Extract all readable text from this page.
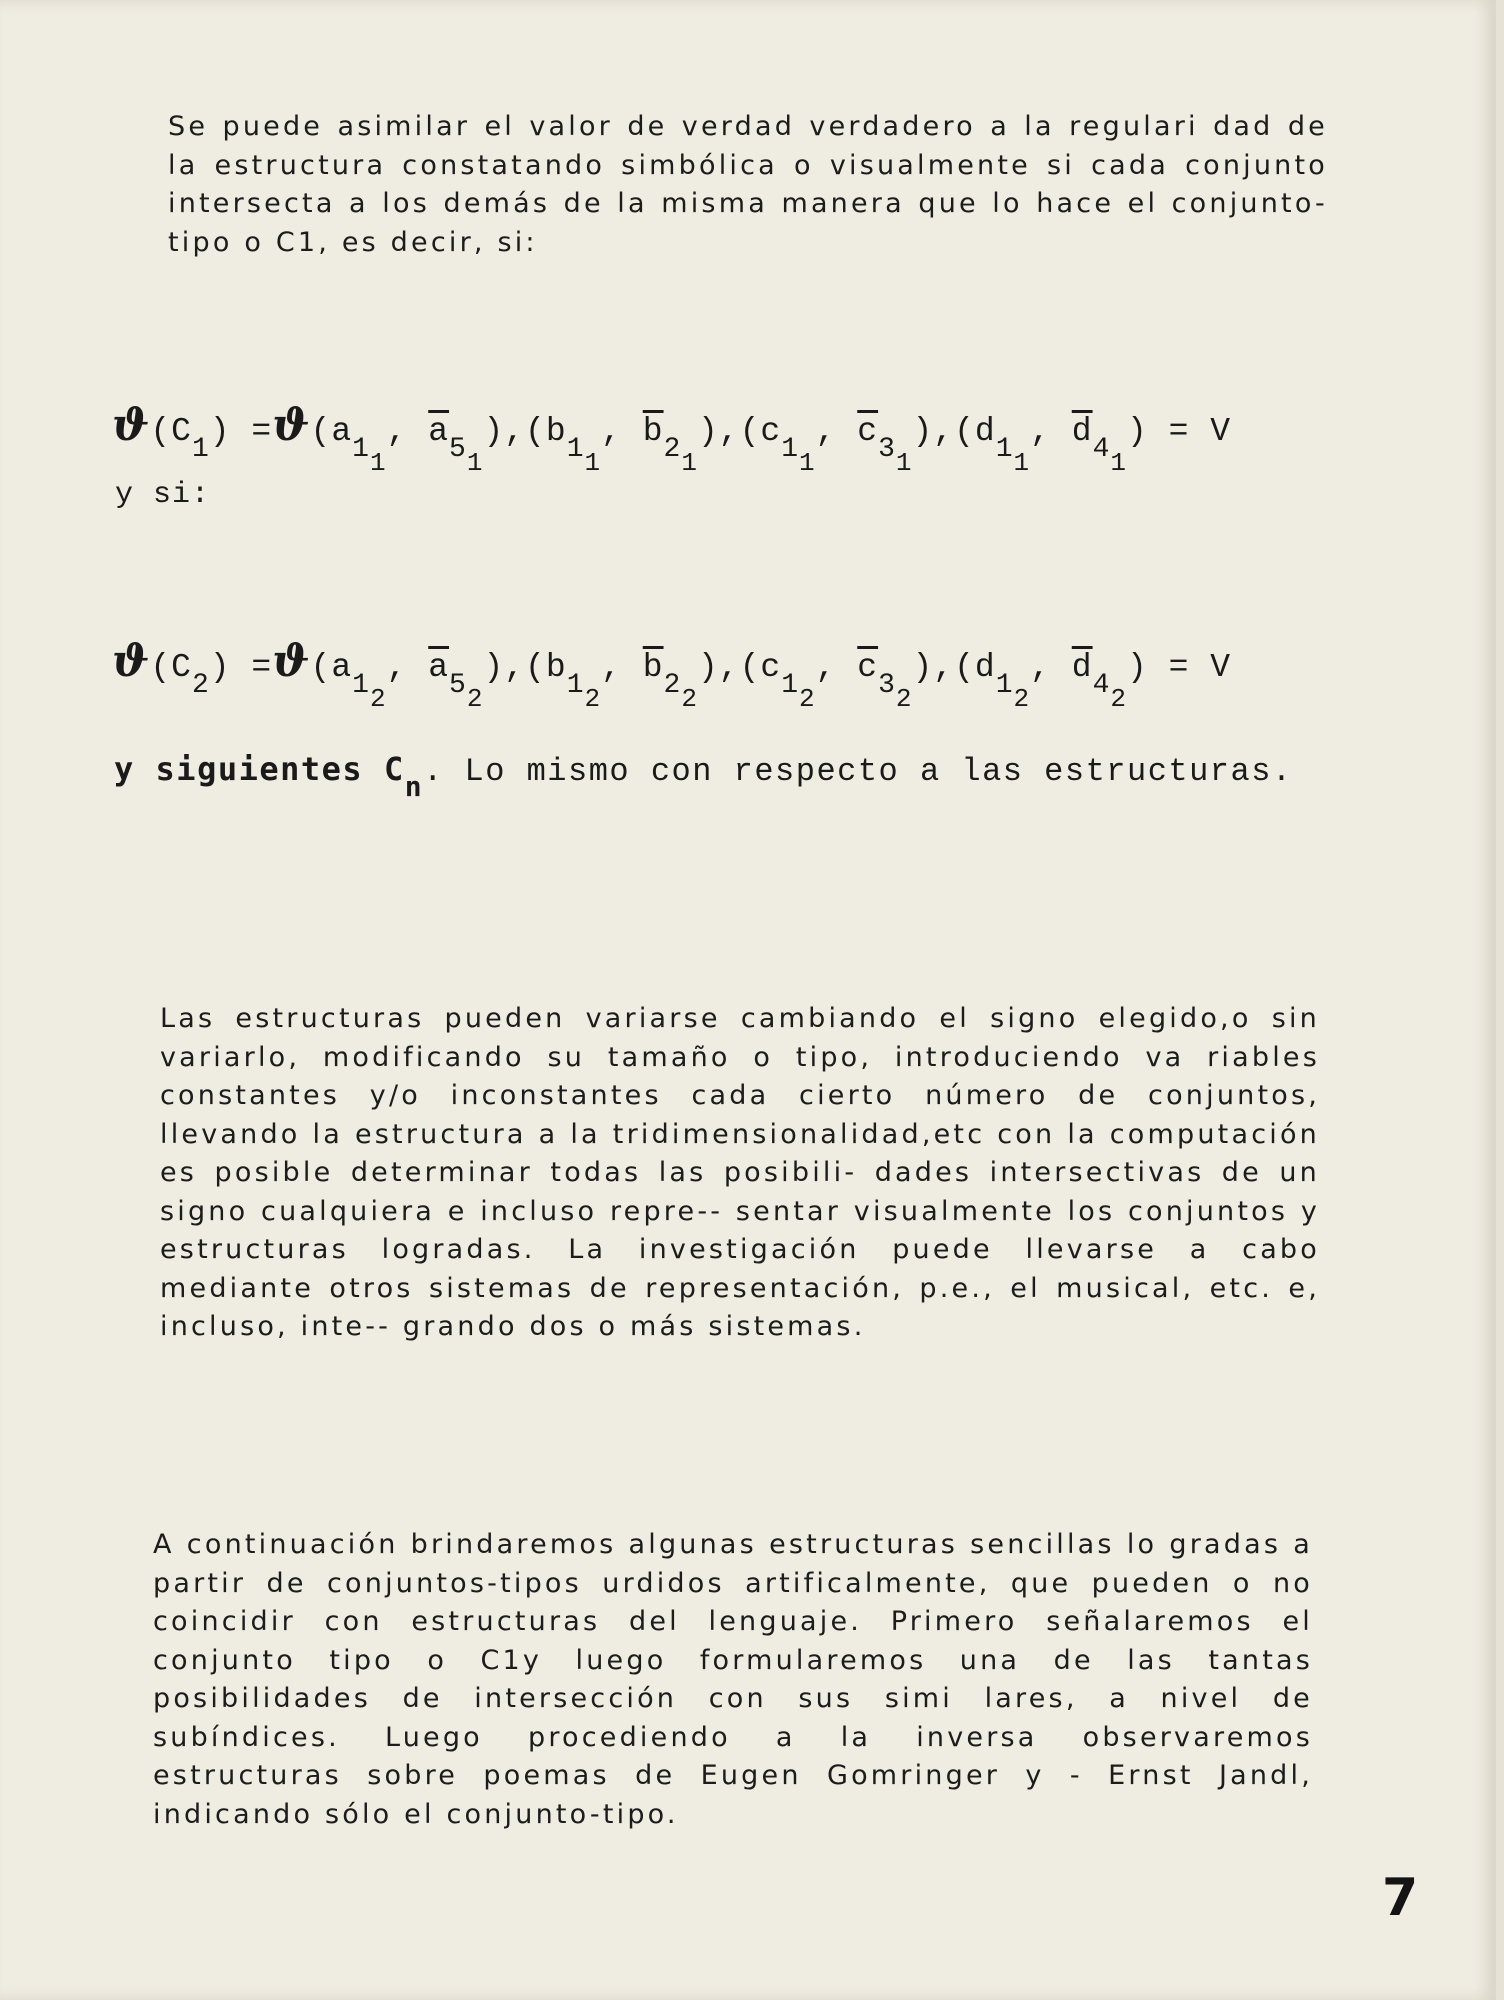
Se puede asimilar el valor de verdad verdadero a la regulari dad de la estructura constatando simbólica o visualmente si cada conjunto intersecta a los demás de la misma manera que lo hace el conjunto-tipo o C1, es decir, si:

$ϑ(C_1) =ϑ(a_{1_1}$, $\overline{a}_{5_1}),(b_{1_1}$, $\overline{b}_{2_1}),(c_{1_1}$, $\overline{c}_{3_1}),(d_{1_1}$, $\overline{d}_{4_1}) = V$
y si:
$ϑ(C_2) =ϑ(a_{1_2}$, $\overline{a}_{5_2}),(b_{1_2}$, $\overline{b}_{2_2}),(c_{1_2}$, $\overline{c}_{3_2}),(d_{1_2}$, $\overline{d}_{4_2}) = V$
y siguientes $C_n$. Lo mismo con respecto a las estructuras.

Las estructuras pueden variarse cambiando el signo elegido,o sin variarlo, modificando su tamaño o tipo, introduciendo va riables constantes y/o inconstantes cada cierto número de conjuntos, llevando la estructura a la tridimensionalidad,etc con la computación es posible determinar todas las posibili- dades intersectivas de un signo cualquiera e incluso repre-- sentar visualmente los conjuntos y estructuras logradas. La investigación puede llevarse a cabo mediante otros sistemas de representación, p.e., el musical, etc. e, incluso, inte-- grando dos o más sistemas.

A continuación brindaremos algunas estructuras sencillas lo gradas a partir de conjuntos-tipos urdidos artificalmente, que pueden o no coincidir con estructuras del lenguaje. Primero señalaremos el conjunto tipo o C1y luego formularemos una de las tantas posibilidades de intersección con sus simi lares, a nivel de subíndices. Luego procediendo a la inversa observaremos estructuras sobre poemas de Eugen Gomringer y - Ernst Jandl, indicando sólo el conjunto-tipo.

7
